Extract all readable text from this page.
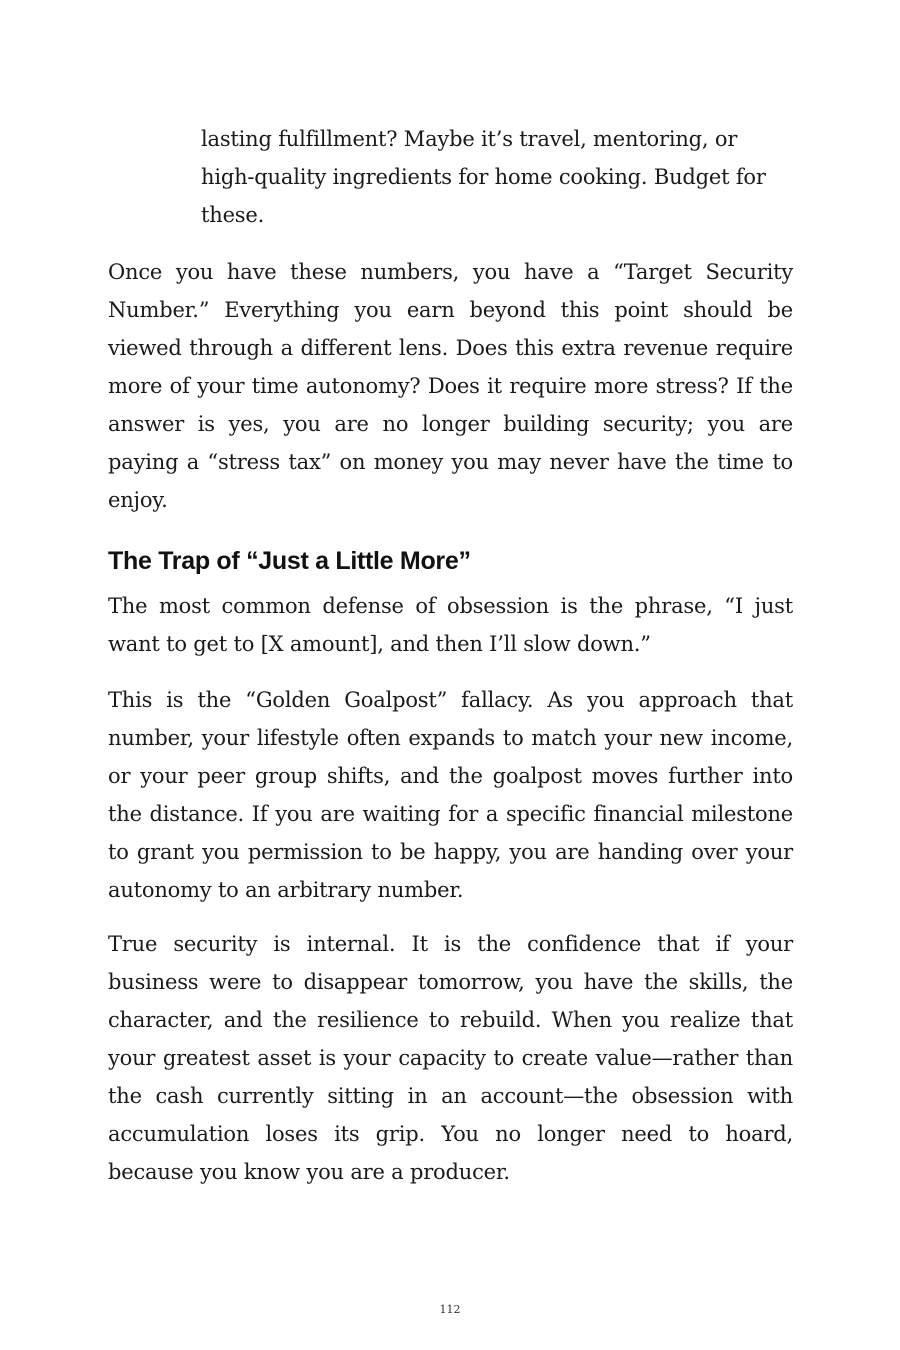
lasting fulfillment? Maybe it’s travel, mentoring, or high-quality ingredients for home cooking. Budget for these.

Once you have these numbers, you have a “Target Security Number.” Everything you earn beyond this point should be viewed through a different lens. Does this extra revenue require more of your time autonomy? Does it require more stress? If the answer is yes, you are no longer building security; you are paying a “stress tax” on money you may never have the time to enjoy.

The Trap of “Just a Little More”

The most common defense of obsession is the phrase, “I just want to get to [X amount], and then I’ll slow down.”

This is the “Golden Goalpost” fallacy. As you approach that number, your lifestyle often expands to match your new income, or your peer group shifts, and the goalpost moves further into the distance. If you are waiting for a specific financial milestone to grant you permission to be happy, you are handing over your autonomy to an arbitrary number.

True security is internal. It is the confidence that if your business were to disappear tomorrow, you have the skills, the character, and the resilience to rebuild. When you realize that your greatest asset is your capacity to create value—rather than the cash currently sitting in an account—the obsession with accumulation loses its grip. You no longer need to hoard, because you know you are a producer.

112
